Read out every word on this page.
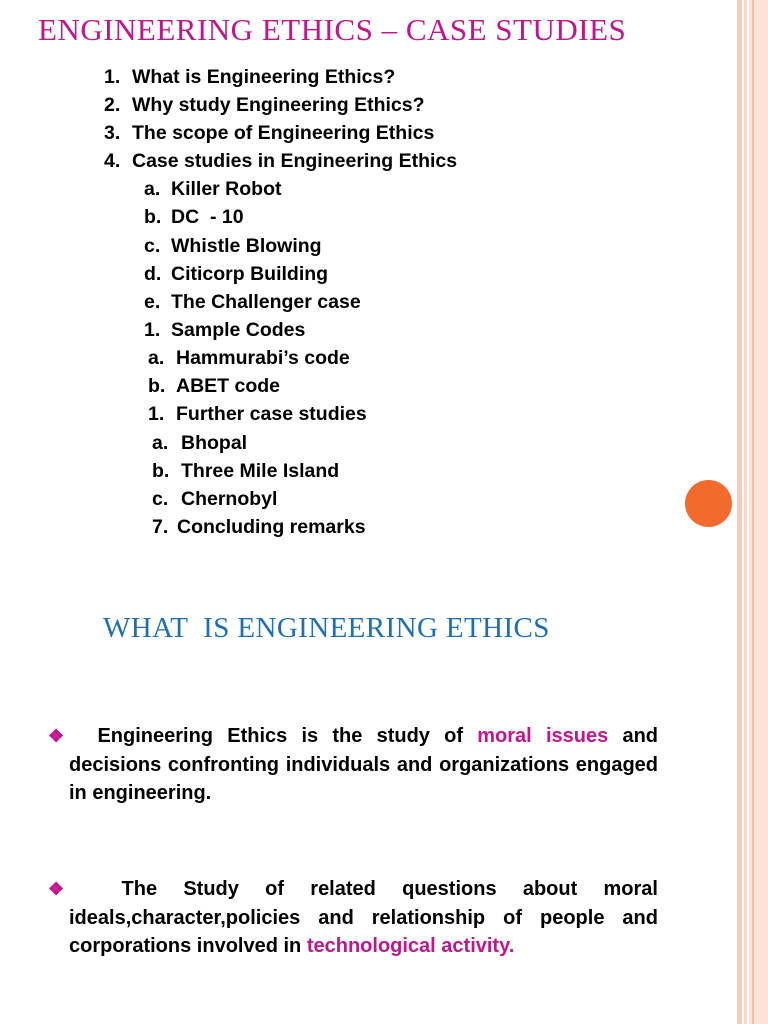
ENGINEERING ETHICS – CASE STUDIES
1. What is Engineering Ethics?
2. Why study Engineering Ethics?
3. The scope of Engineering Ethics
4. Case studies in Engineering Ethics
a. Killer Robot
b. DC  - 10
c. Whistle Blowing
d. Citicorp Building
e. The Challenger case
1. Sample Codes
a. Hammurabi’s code
b. ABET code
1. Further case studies
a. Bhopal
b. Three Mile Island
c. Chernobyl
7. Concluding remarks
WHAT  IS ENGINEERING ETHICS
❖	Engineering Ethics is the study of moral issues and decisions confronting individuals and organizations engaged in engineering.

❖	The Study of related questions about moral ideals,character,policies and relationship of people and corporations involved in technological activity.
